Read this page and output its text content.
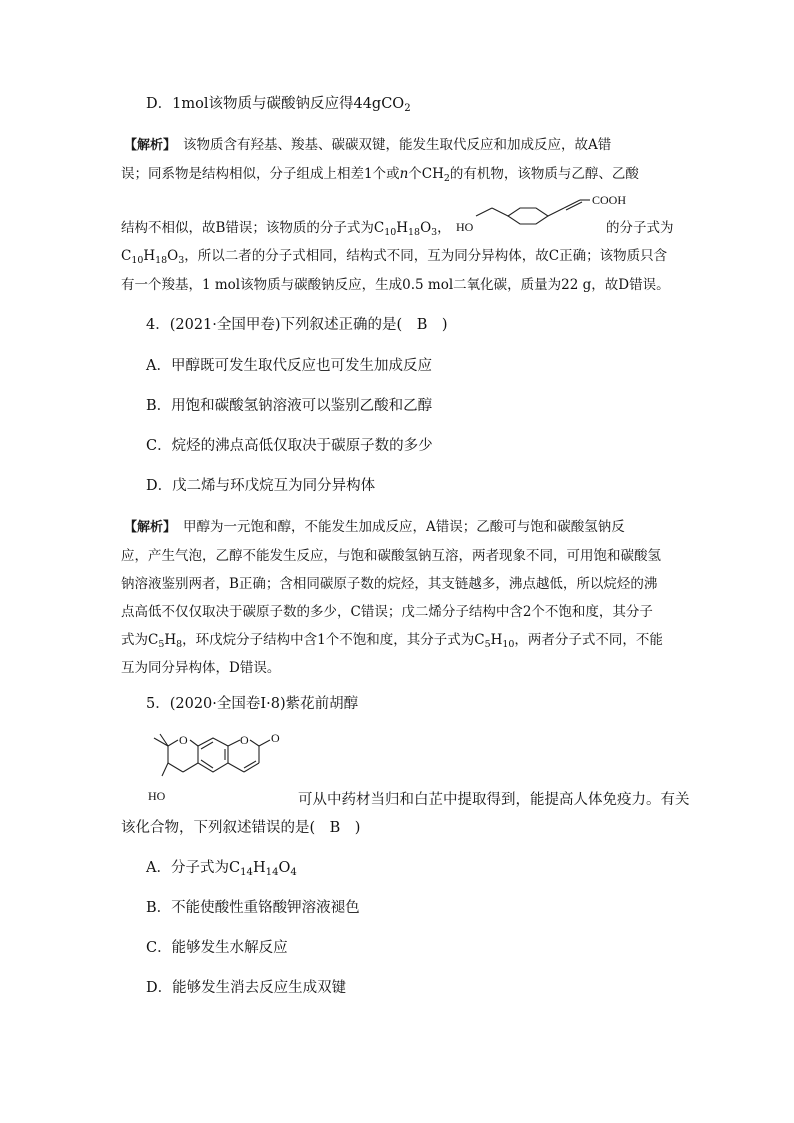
D．1mol该物质与碳酸钠反应得44gCO$_2$
【解析】　 该物质含有羟基、羧基、碳碳双键，能发生取代反应和加成反应，故A错
误；同系物是结构相似，分子组成上相差1个或n个$CH_2$的有机物，该物质与乙醇、乙酸
结构不相似，故B错误；该物质的分子式为$C_{10}H_{18}O_3$， HO
COOH
的分子式为
$C_{10}H_{18}O_3$，所以二者的分子式相同，结构式不同，互为同分异构体，故C正确；该物质只含
有一个羧基，1 mol该物质与碳酸钠反应，生成0.5 mol二氧化碳，质量为22 g，故D错误。
4．(2021·全国甲卷)下列叙述正确的是(　B　)
A．甲醇既可发生取代反应也可发生加成反应
B．用饱和碳酸氢钠溶液可以鉴别乙酸和乙醇
C．烷烃的沸点高低仅取决于碳原子数的多少
D．戊二烯与环戊烷互为同分异构体
【解析】　 甲醇为一元饱和醇，不能发生加成反应，A错误；乙酸可与饱和碳酸氢钠反
应，产生气泡，乙醇不能发生反应，与饱和碳酸氢钠互溶，两者现象不同，可用饱和碳酸氢
钠溶液鉴别两者，B正确；含相同碳原子数的烷烃，其支链越多，沸点越低，所以烷烃的沸
点高低不仅仅取决于碳原子数的多少，C错误；戊二烯分子结构中含2个不饱和度，其分子
式为$C_5H_8$，环戊烷分子结构中含1个不饱和度，其分子式为$C_5H_{10}$，两者分子式不同，不能
互为同分异构体，D错误。
5．(2020·全国卷Ⅰ·8)紫花前胡醇
O	O O
HO	可从中药材当归和白芷中提取得到，能提高人体免疫力。有关
该化合物，下列叙述错误的是(　B　)
A．分子式为$C_{14}H_{14}O_4$
B．不能使酸性重铬酸钾溶液褪色
C．能够发生水解反应
D．能够发生消去反应生成双键
